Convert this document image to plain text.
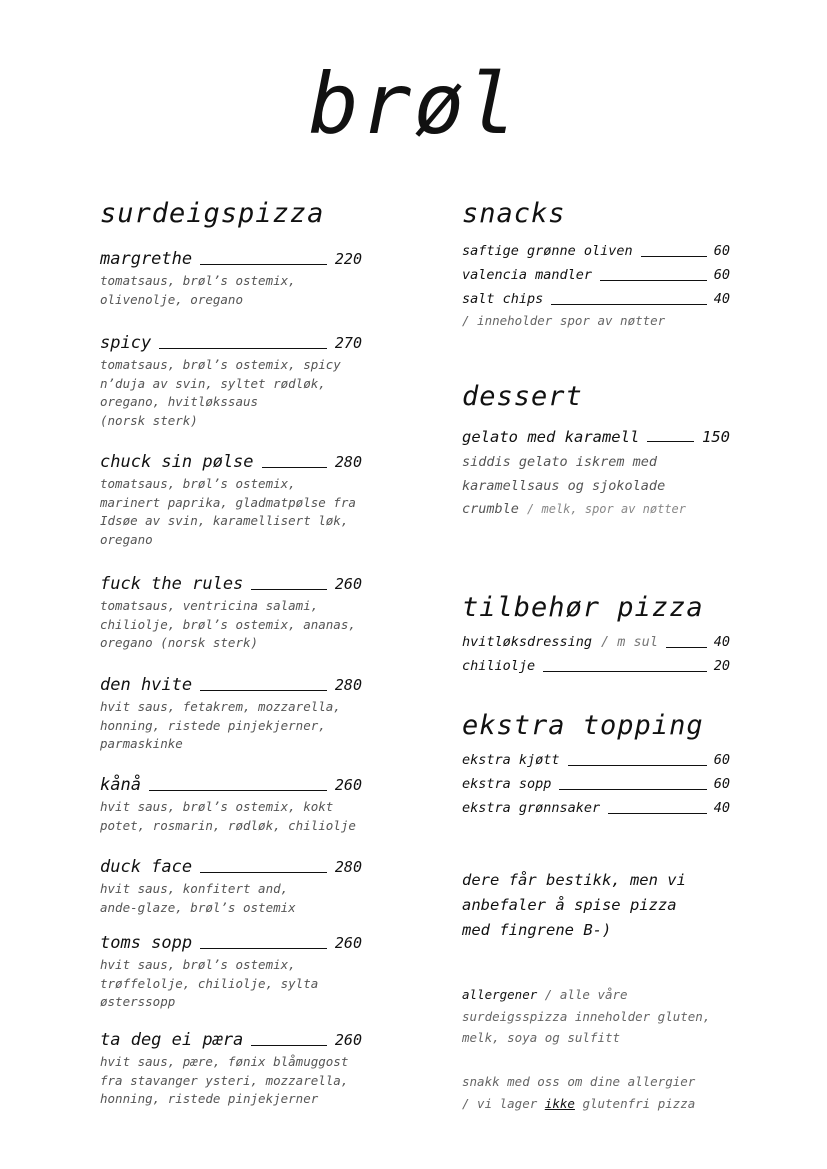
brøl
surdeigspizza
margrethe	220
tomatsaus, brøl’s ostemix,
olivenolje, oregano
spicy	270
tomatsaus, brøl’s ostemix, spicy
n’duja av svin, syltet rødløk,
oregano, hvitløkssaus
(norsk sterk)
chuck sin pølse	280
tomatsaus, brøl’s ostemix,
marinert paprika, gladmatpølse fra
Idsøe av svin, karamellisert løk,
oregano
fuck the rules	260
tomatsaus, ventricina salami,
chiliolje, brøl’s ostemix, ananas,
oregano (norsk sterk)
den hvite	280
hvit saus, fetakrem, mozzarella,
honning, ristede pinjekjerner,
parmaskinke
kånå	260
hvit saus, brøl’s ostemix, kokt
potet, rosmarin, rødløk, chiliolje
duck face	280
hvit saus, konfitert and,
ande-glaze, brøl’s ostemix
toms sopp	260
hvit saus, brøl’s ostemix,
trøffelolje, chiliolje, sylta
østerssopp
ta deg ei pæra	260
hvit saus, pære, fønix blåmuggost
fra stavanger ysteri, mozzarella,
honning, ristede pinjekjerner
snacks
saftige grønne oliven	60
valencia mandler	60
salt chips	40
/ inneholder spor av nøtter
dessert
gelato med karamell	150
siddis gelato iskrem med
karamellsaus og sjokolade
crumble / melk, spor av nøtter
tilbehør pizza
hvitløksdressing / m sul	40
chiliolje	20
ekstra topping
ekstra kjøtt	60
ekstra sopp	60
ekstra grønnsaker	40
dere får bestikk, men vi
anbefaler å spise pizza
med fingrene B-)
allergener / alle våre
surdeigsspizza inneholder gluten,
melk, soya og sulfitt
snakk med oss om dine allergier
/ vi lager ikke glutenfri pizza
